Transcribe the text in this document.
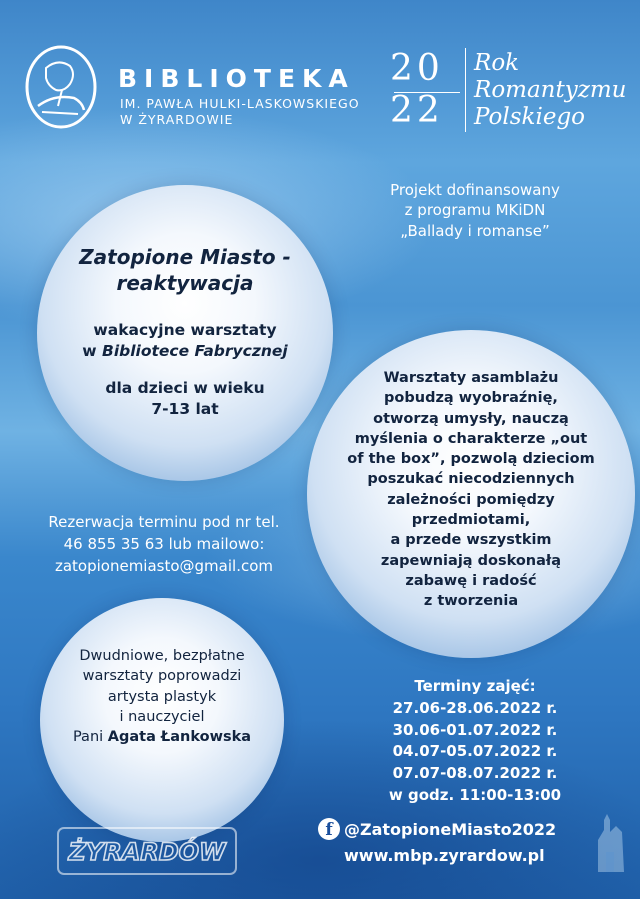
BIBLIOTEKA
IM. PAWŁA HULKI-LASKOWSKIEGO
W ŻYRARDOWIE
20
22
Rok
Romantyzmu
Polskiego
Projekt dofinansowany
z programu MKiDN
„Ballady i romanse”
Zatopione Miasto -
reaktywacja
wakacyjne warsztaty
w Bibliotece Fabrycznej
dla dzieci w wieku
7-13 lat
Warsztaty asamblażu
pobudzą wyobraźnię,
otworzą umysły, nauczą
myślenia o charakterze „out
of the box”, pozwolą dzieciom
poszukać niecodziennych
zależności pomiędzy
przedmiotami,
a przede wszystkim
zapewniają doskonałą
zabawę i radość
z tworzenia
Dwudniowe, bezpłatne
warsztaty poprowadzi
artysta plastyk
i nauczyciel
Pani Agata Łankowska
Rezerwacja terminu pod nr tel.
46 855 35 63 lub mailowo:
zatopionemiasto@gmail.com
Terminy zajęć:
27.06-28.06.2022 r.
30.06-01.07.2022 r.
04.07-05.07.2022 r.
07.07-08.07.2022 r.
w godz. 11:00-13:00
f @ZatopioneMiasto2022
www.mbp.zyrardow.pl
ŻYRARDÓW
